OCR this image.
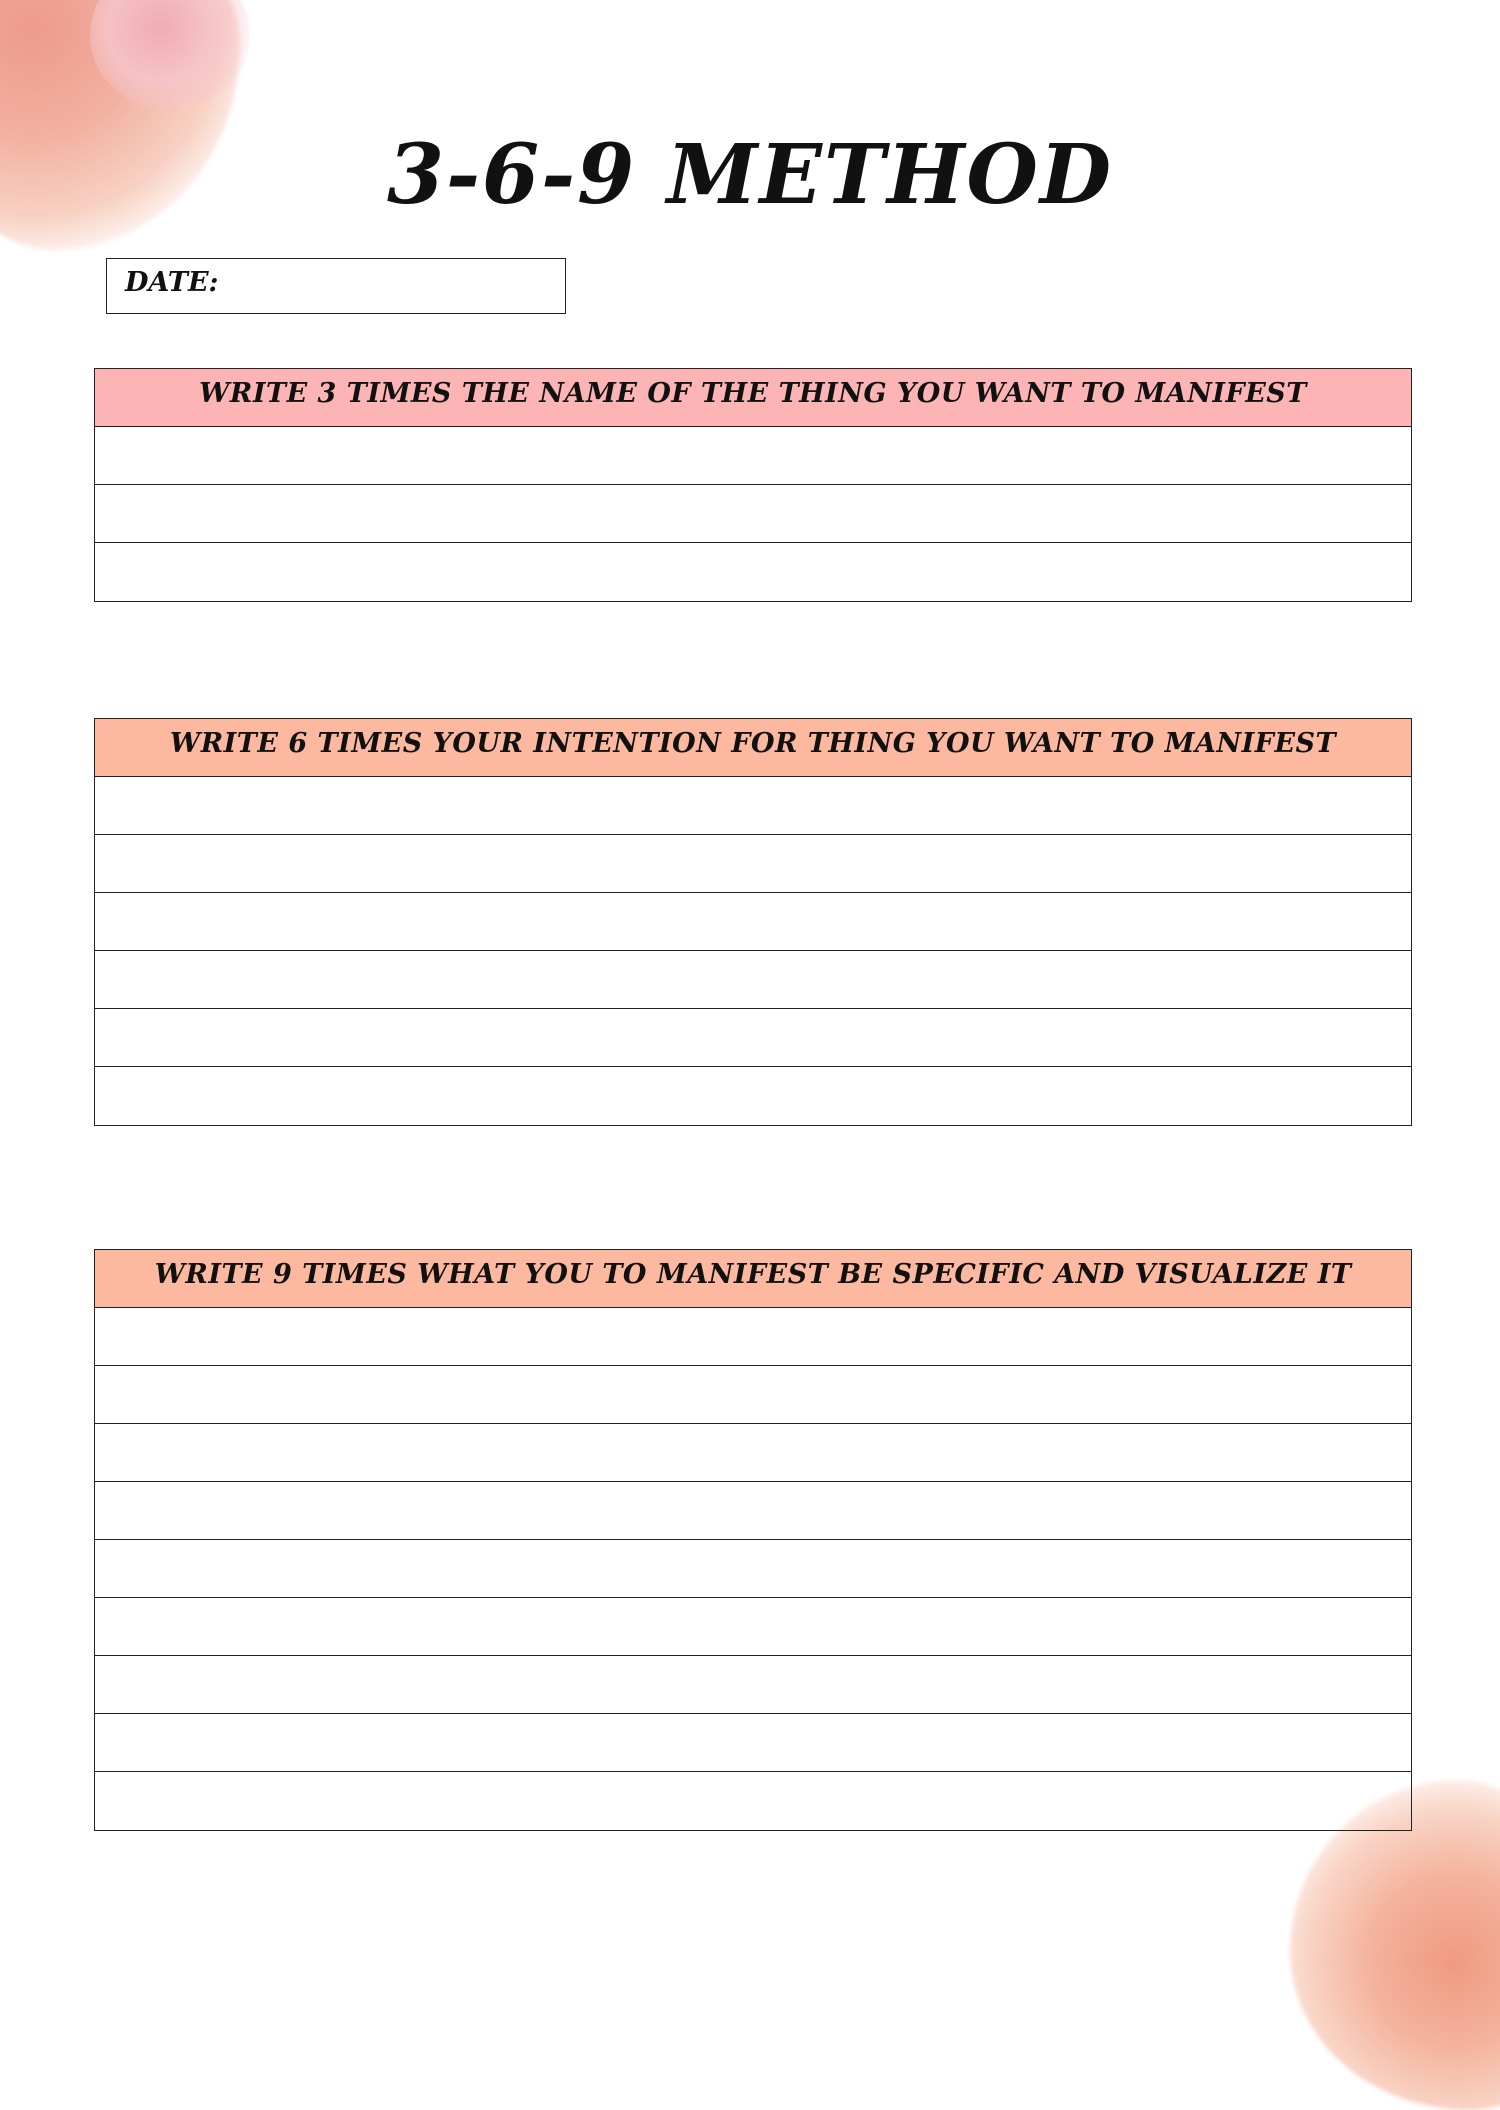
3-6-9 METHOD
DATE:
WRITE 3 TIMES THE NAME OF THE THING YOU WANT TO MANIFEST
WRITE 6 TIMES YOUR INTENTION FOR THING YOU WANT TO MANIFEST
WRITE 9 TIMES WHAT YOU TO MANIFEST BE SPECIFIC AND VISUALIZE IT
